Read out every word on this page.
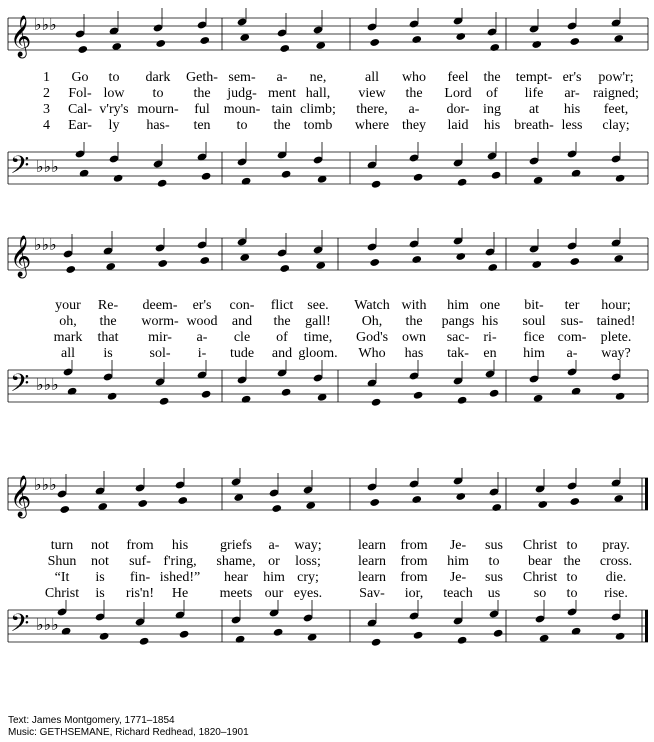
𝄞 ♭♭♭
1 Go to dark Geth- sem- a- ne,	all who feel the tempt- er's pow'r;
2 Fol- low to the judg- ment hall, view the Lord of life ar- raigned;
3 Cal- v'ry's mourn- ful moun- tain climb; there, a- dor- ing at his feet,
4 Ear- ly has- ten to the tomb where they laid his breath- less clay;
𝄢 ♭♭♭
𝄞 ♭♭♭
your Re- deem- er's con- flict see. Watch with him one bit- ter hour;
oh, the worm- wood and the gall! Oh, the pangs his soul sus- tained!
mark that mir- a- cle of time, God's own sac- ri- fice com- plete.
all is	sol- i- tude and gloom. Who has tak- en him a- way?
𝄢 ♭♭♭
𝄞 ♭♭♭
turn not from his griefs a- way;	learn from Je- sus Christ to pray.
Shun not suf- f'ring, shame, or loss;	learn from him to bear the cross.
“It is fin- ished!” hear him cry;	learn from Je- sus Christ to die.
Christ is ris'n! He meets our eyes.	Sav- ior, teach us so to rise.
𝄢 ♭♭♭
Text: James Montgomery, 1771–1854
Music: GETHSEMANE, Richard Redhead, 1820–1901
